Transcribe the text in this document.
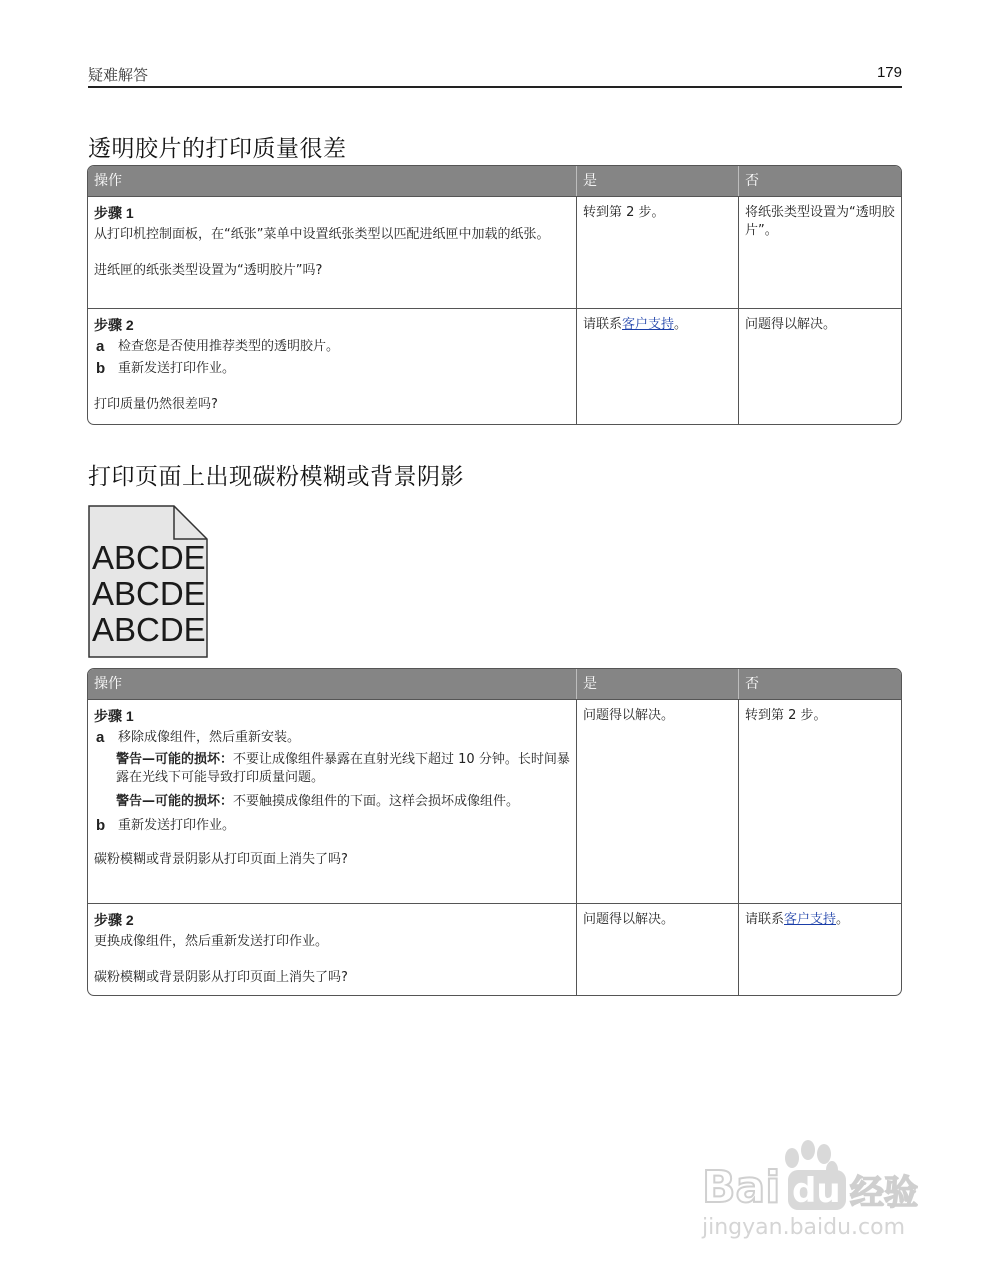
疑难解答	179
透明胶片的打印质量很差
操作	是	否
步骤 1
从打印机控制面板，在“纸张”菜单中设置纸张类型以匹配进纸匣中加载的纸张。
进纸匣的纸张类型设置为“透明胶片”吗?
转到第 2 步。	将纸张类型设置为“透明胶片”。
步骤 2
a	检查您是否使用推荐类型的透明胶片。
b 重新发送打印作业。
打印质量仍然很差吗?
请联系客户支持。	问题得以解决。
打印页面上出现碳粉模糊或背景阴影
ABCDE
ABCDE
ABCDE
操作	是	否
步骤 1
a	移除成像组件，然后重新安装。
警告—可能的损坏：不要让成像组件暴露在直射光线下超过 10 分钟。长时间暴露在光线下可能导致打印质量问题。
警告—可能的损坏：不要触摸成像组件的下面。这样会损坏成像组件。
b 重新发送打印作业。
碳粉模糊或背景阴影从打印页面上消失了吗?
问题得以解决。	转到第 2 步。
步骤 2
更换成像组件，然后重新发送打印作业。
碳粉模糊或背景阴影从打印页面上消失了吗?
问题得以解决。	请联系客户支持。
Bai du 经验
jingyan.baidu.com
